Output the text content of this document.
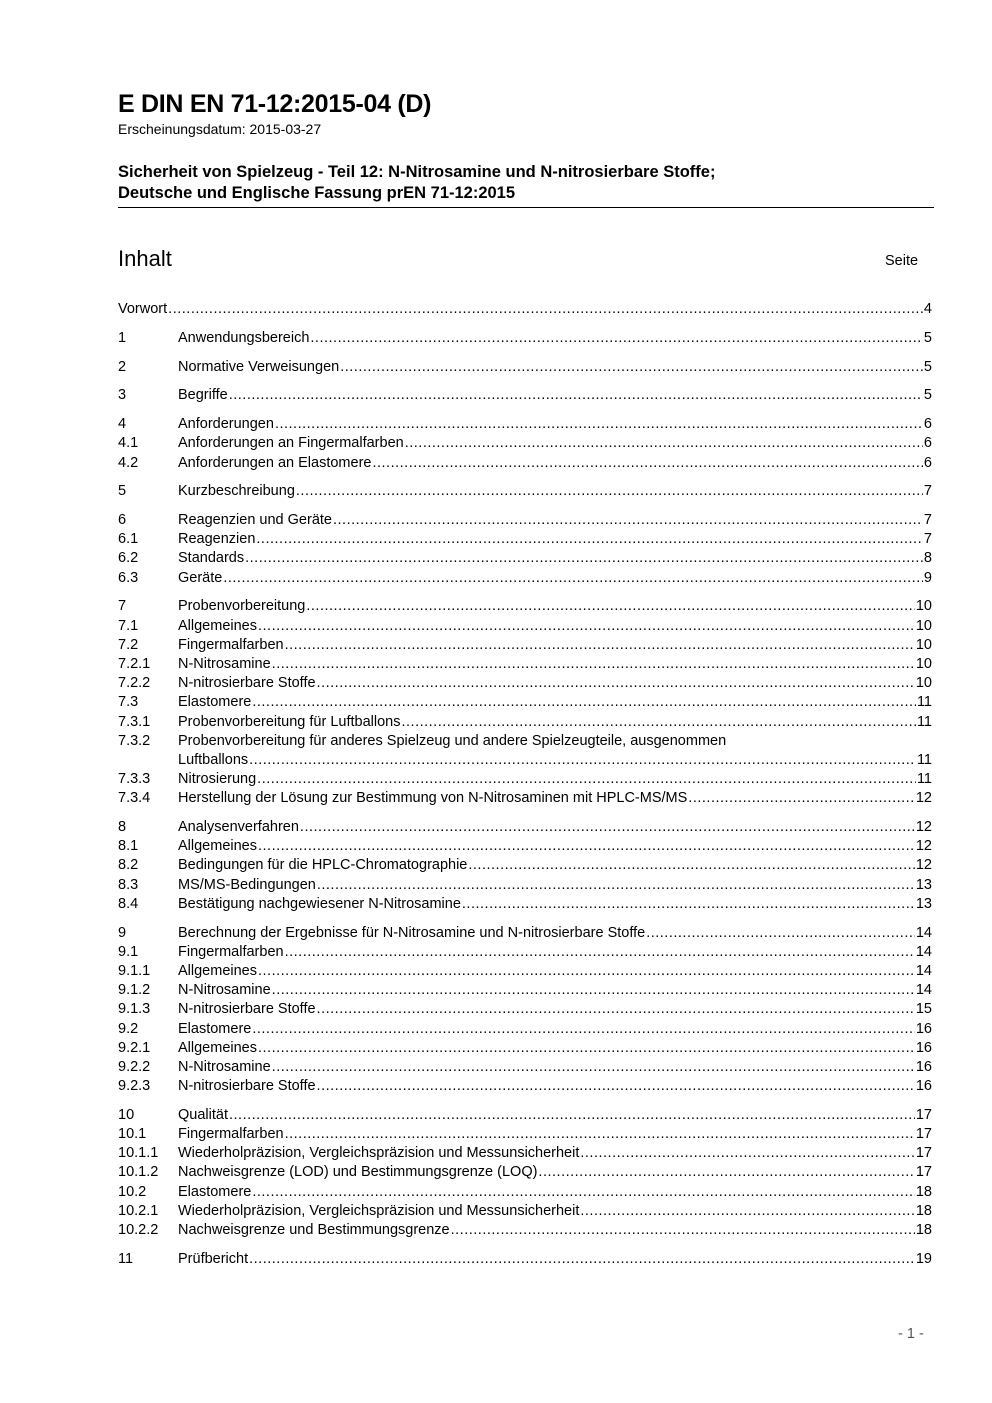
E DIN EN 71-12:2015-04 (D)
Erscheinungsdatum: 2015-03-27
Sicherheit von Spielzeug - Teil 12: N-Nitrosamine und N-nitrosierbare Stoffe;
Deutsche und Englische Fassung prEN 71-12:2015
Inhalt	Seite
Vorwort .....	4
1	Anwendungsbereich .....	5
2	Normative Verweisungen .....	5
3	Begriffe .....	5
4	Anforderungen .....	6
4.1	Anforderungen an Fingermalfarben .....	6
4.2	Anforderungen an Elastomere .....	6
5	Kurzbeschreibung .....	7
6	Reagenzien und Geräte .....	7
6.1	Reagenzien .....	7
6.2	Standards .....	8
6.3	Geräte .....	9
7	Probenvorbereitung .....	10
7.1	Allgemeines .....	10
7.2	Fingermalfarben .....	10
7.2.1 N-Nitrosamine .....	10
7.2.2 N-nitrosierbare Stoffe .....	10
7.3	Elastomere .....	11
7.3.1 Probenvorbereitung für Luftballons .....	11
7.3.2 Probenvorbereitung für anderes Spielzeug und andere Spielzeugteile, ausgenommen
Luftballons .....	11
7.3.3 Nitrosierung .....	11
7.3.4 Herstellung der Lösung zur Bestimmung von N-Nitrosaminen mit HPLC-MS/MS .....	12
8	Analysenverfahren .....	12
8.1	Allgemeines .....	12
8.2	Bedingungen für die HPLC-Chromatographie .....	12
8.3	MS/MS-Bedingungen .....	13
8.4	Bestätigung nachgewiesener N-Nitrosamine .....	13
9	Berechnung der Ergebnisse für N-Nitrosamine und N-nitrosierbare Stoffe .....	14
9.1	Fingermalfarben .....	14
9.1.1 Allgemeines .....	14
9.1.2 N-Nitrosamine .....	14
9.1.3 N-nitrosierbare Stoffe .....	15
9.2	Elastomere .....	16
9.2.1 Allgemeines .....	16
9.2.2 N-Nitrosamine .....	16
9.2.3 N-nitrosierbare Stoffe .....	16
10	Qualität .....	17
10.1 Fingermalfarben .....	17
10.1.1 Wiederholpräzision, Vergleichspräzision und Messunsicherheit .....	17
10.1.2 Nachweisgrenze (LOD) und Bestimmungsgrenze (LOQ) .....	17
10.2 Elastomere .....	18
10.2.1 Wiederholpräzision, Vergleichspräzision und Messunsicherheit .....	18
10.2.2 Nachweisgrenze und Bestimmungsgrenze .....	18
11	Prüfbericht .....	19
- 1 -
